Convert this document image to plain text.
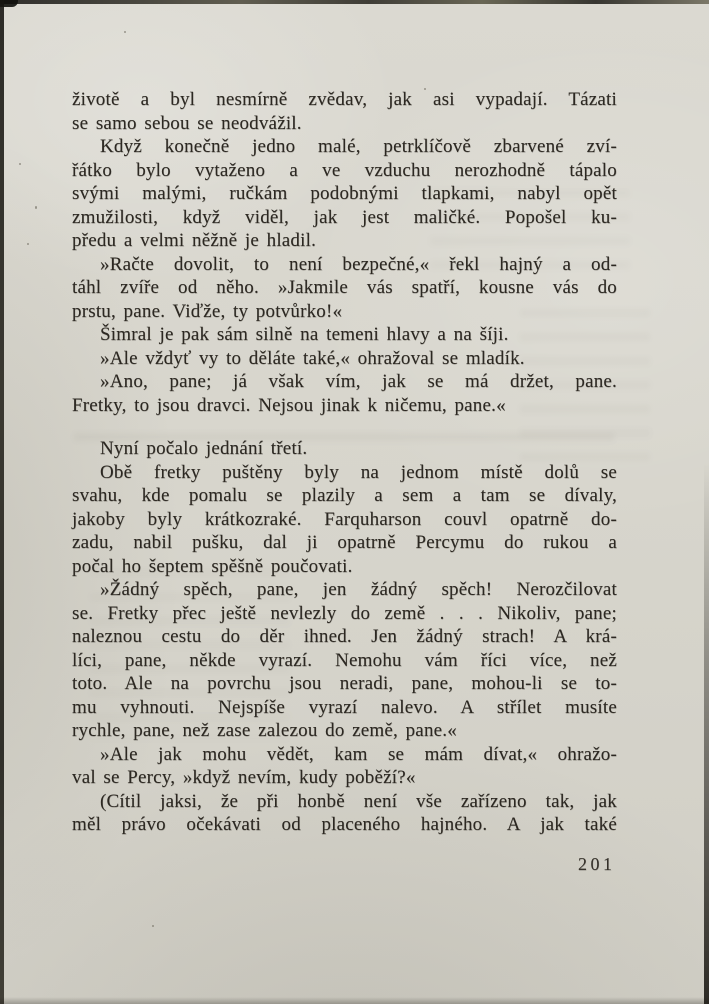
životě a byl nesmírně zvědav, jak asi vypadají. Tázati
se samo sebou se neodvážil.
Když konečně jedno malé, petrklíčově zbarvené zví-
řátko bylo vytaženo a ve vzduchu nerozhodně tápalo
svými malými, ručkám podobnými tlapkami, nabyl opět
zmužilosti, když viděl, jak jest maličké. Popošel ku-
předu a velmi něžně je hladil.
»Račte dovolit, to není bezpečné,« řekl hajný a od-
táhl zvíře od něho. »Jakmile vás spatří, kousne vás do
prstu, pane. Viďže, ty potvůrko!«
Šimral je pak sám silně na temeni hlavy a na šíji.
»Ale vždyť vy to děláte také,« ohražoval se mladík.
»Ano, pane; já však vím, jak se má držet, pane.
Fretky, to jsou dravci. Nejsou jinak k ničemu, pane.«
Nyní počalo jednání třetí.
Obě fretky puštěny byly na jednom místě dolů se
svahu, kde pomalu se plazily a sem a tam se dívaly,
jakoby byly krátkozraké. Farquharson couvl opatrně do-
zadu, nabil pušku, dal ji opatrně Percymu do rukou a
počal ho šeptem spěšně poučovati.
»Žádný spěch, pane, jen žádný spěch! Nerozčilovat
se. Fretky přec ještě nevlezly do země . . . Nikoliv, pane;
naleznou cestu do děr ihned. Jen žádný strach! A krá-
líci, pane, někde vyrazí. Nemohu vám říci více, než
toto. Ale na povrchu jsou neradi, pane, mohou-li se to-
mu vyhnouti. Nejspíše vyrazí nalevo. A střílet musíte
rychle, pane, než zase zalezou do země, pane.«
»Ale jak mohu vědět, kam se mám dívat,« ohražo-
val se Percy, »když nevím, kudy poběží?«
(Cítil jaksi, že při honbě není vše zařízeno tak, jak
měl právo očekávati od placeného hajného. A jak také
201
